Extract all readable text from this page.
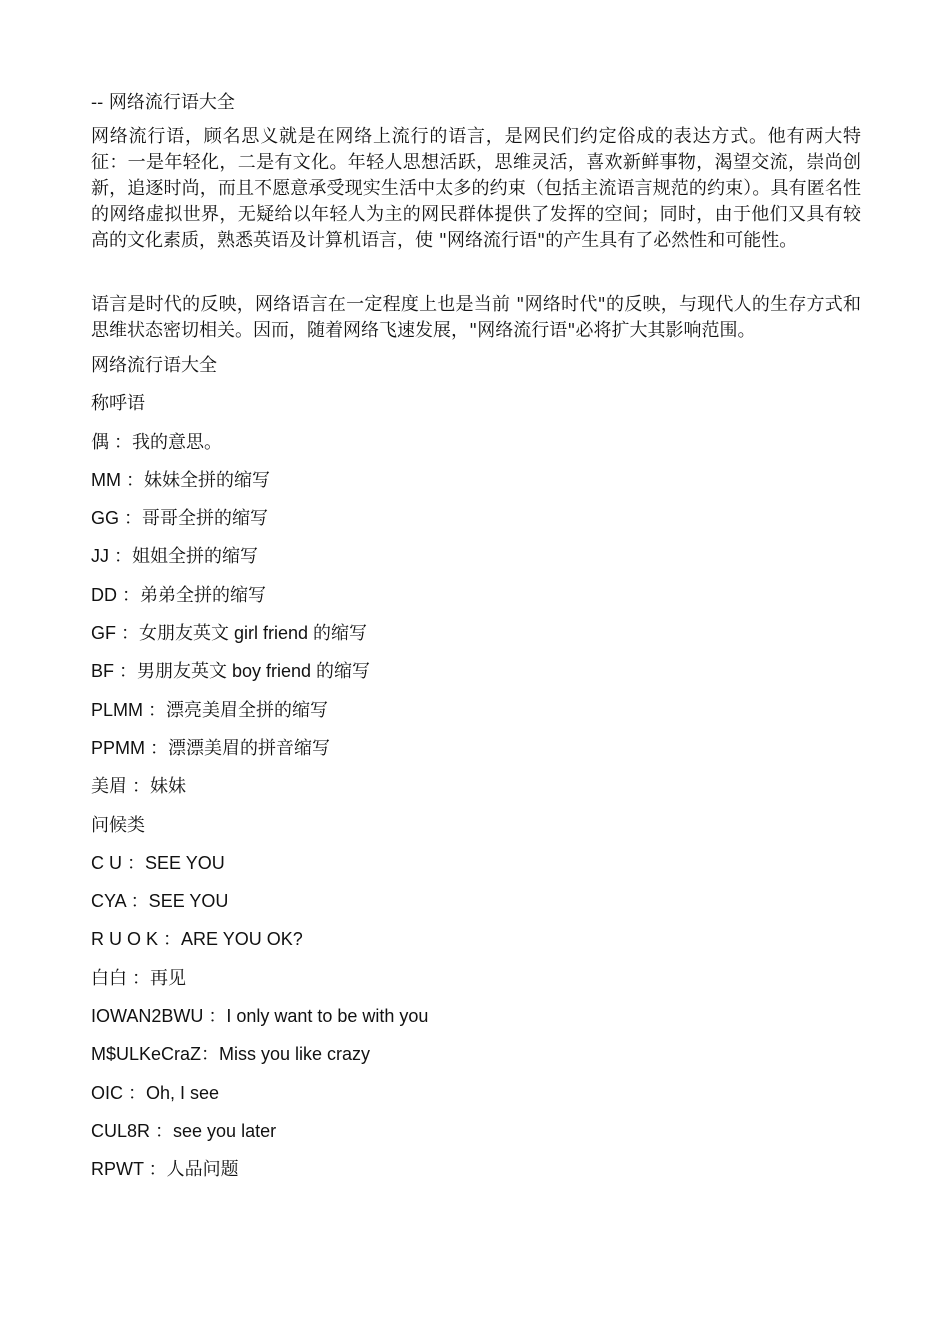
-- 网络流行语大全

网络流行语，顾名思义就是在网络上流行的语言，是网民们约定俗成的表达方式。他有两大特征：一是年轻化，二是有文化。年轻人思想活跃，思维灵活，喜欢新鲜事物，渴望交流，崇尚创新，追逐时尚，而且不愿意承受现实生活中太多的约束（包括主流语言规范的约束）。具有匿名性的网络虚拟世界，无疑给以年轻人为主的网民群体提供了发挥的空间；同时，由于他们又具有较高的文化素质，熟悉英语及计算机语言，使 "网络流行语"的产生具有了必然性和可能性。

语言是时代的反映，网络语言在一定程度上也是当前 "网络时代"的反映，与现代人的生存方式和思维状态密切相关。因而，随着网络飞速发展，"网络流行语"必将扩大其影响范围。

网络流行语大全
称呼语
偶 ：我的意思。
MM ：妹妹全拼的缩写
GG ：哥哥全拼的缩写
JJ ：姐姐全拼的缩写
DD ：弟弟全拼的缩写
GF ：女朋友英文 girl friend 的缩写
BF ：男朋友英文 boy friend 的缩写
PLMM ：漂亮美眉全拼的缩写
PPMM ：漂漂美眉的拼音缩写
美眉 ：妹妹
问候类
C U ：SEE YOU
CYA ：SEE YOU
R U O K ：ARE YOU OK?
白白 ：再见
IOWAN2BWU ：I only want to be with you
M$ULKeCraZ：Miss you like crazy
OIC ：Oh, I see
CUL8R ：see you later
RPWT ：人品问题
